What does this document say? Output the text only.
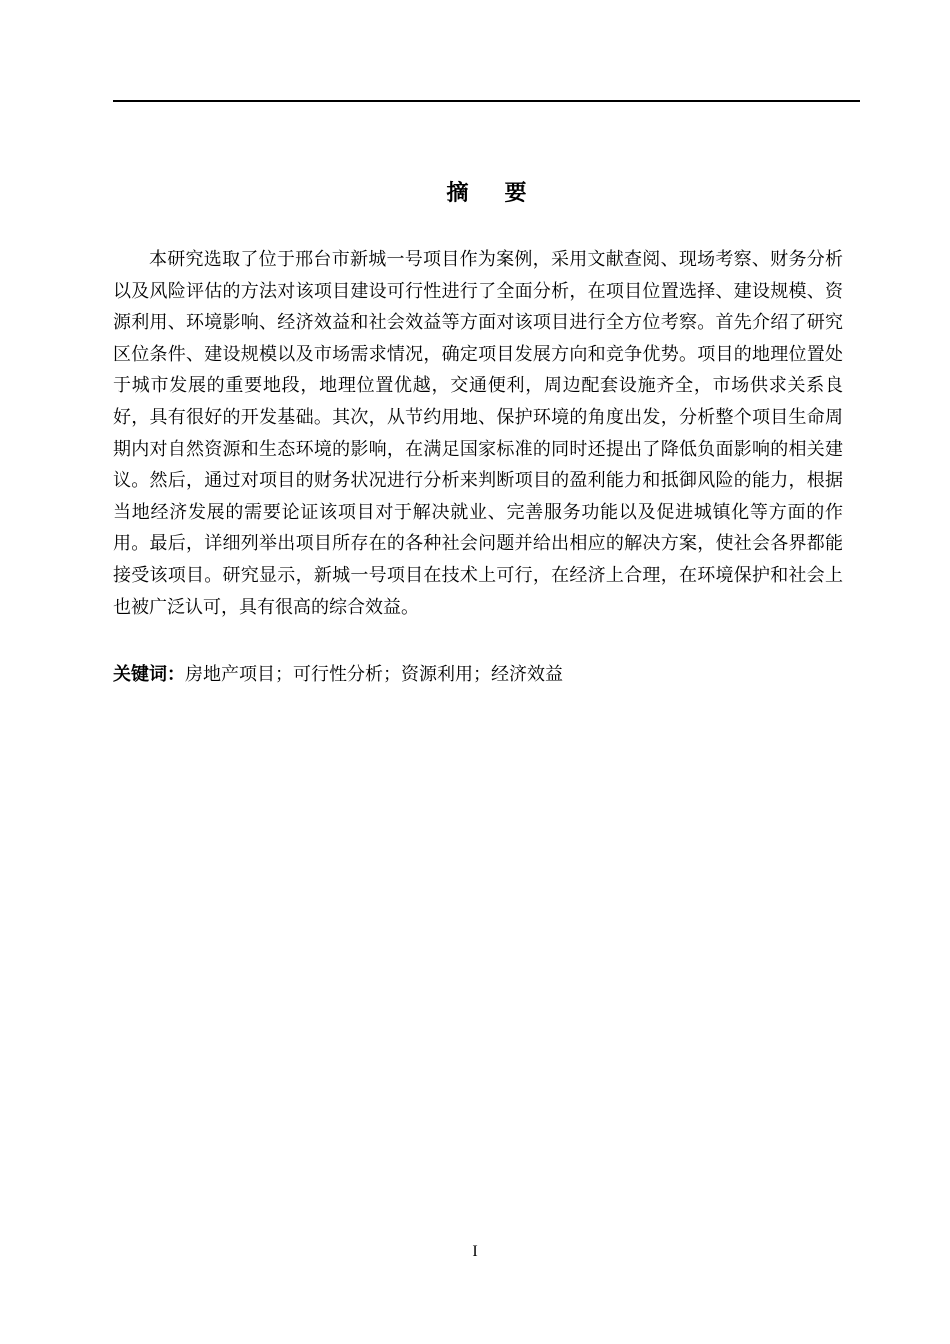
摘要

本研究选取了位于邢台市新城一号项目作为案例，采用文献查阅、现场考察、财务分析以及风险评估的方法对该项目建设可行性进行了全面分析，在项目位置选择、建设规模、资源利用、环境影响、经济效益和社会效益等方面对该项目进行全方位考察。首先介绍了研究区位条件、建设规模以及市场需求情况，确定项目发展方向和竞争优势。项目的地理位置处于城市发展的重要地段，地理位置优越，交通便利，周边配套设施齐全，市场供求关系良好，具有很好的开发基础。其次，从节约用地、保护环境的角度出发，分析整个项目生命周期内对自然资源和生态环境的影响，在满足国家标准的同时还提出了降低负面影响的相关建议。然后，通过对项目的财务状况进行分析来判断项目的盈利能力和抵御风险的能力，根据当地经济发展的需要论证该项目对于解决就业、完善服务功能以及促进城镇化等方面的作用。最后，详细列举出项目所存在的各种社会问题并给出相应的解决方案，使社会各界都能接受该项目。研究显示，新城一号项目在技术上可行，在经济上合理，在环境保护和社会上也被广泛认可，具有很高的综合效益。

关键词：房地产项目；可行性分析；资源利用；经济效益

I
